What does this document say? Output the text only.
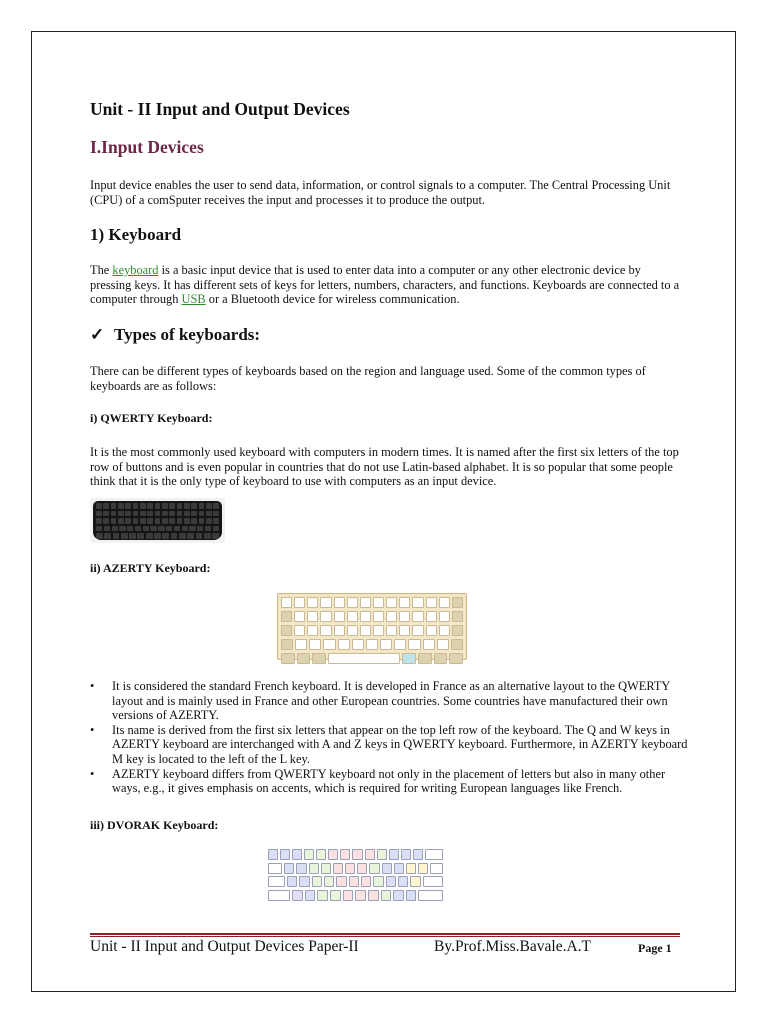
Unit - II Input and Output Devices
I.Input Devices
Input device enables the user to send data, information, or control signals to a computer. The Central Processing Unit (CPU) of a comSputer receives the input and processes it to produce the output.
1) Keyboard
The keyboard is a basic input device that is used to enter data into a computer or any other electronic device by pressing keys. It has different sets of keys for letters, numbers, characters, and functions. Keyboards are connected to a computer through USB or a Bluetooth device for wireless communication.
✓ Types of keyboards:
There can be different types of keyboards based on the region and language used. Some of the common types of keyboards are as follows:
i) QWERTY Keyboard:
It is the most commonly used keyboard with computers in modern times. It is named after the first six letters of the top row of buttons and is even popular in countries that do not use Latin-based alphabet. It is so popular that some people think that it is the only type of keyboard to use with computers as an input device.
ii) AZERTY Keyboard:
• It is considered the standard French keyboard. It is developed in France as an alternative layout to the QWERTY layout and is mainly used in France and other European countries. Some countries have manufactured their own versions of AZERTY.
• Its name is derived from the first six letters that appear on the top left row of the keyboard. The Q and W keys in AZERTY keyboard are interchanged with A and Z keys in QWERTY keyboard. Furthermore, in AZERTY keyboard M key is located to the left of the L key.
• AZERTY keyboard differs from QWERTY keyboard not only in the placement of letters but also in many other ways, e.g., it gives emphasis on accents, which is required for writing European languages like French.
iii) DVORAK Keyboard:
Unit - II Input and Output Devices Paper-II	By.Prof.Miss.Bavale.A.T	Page 1
